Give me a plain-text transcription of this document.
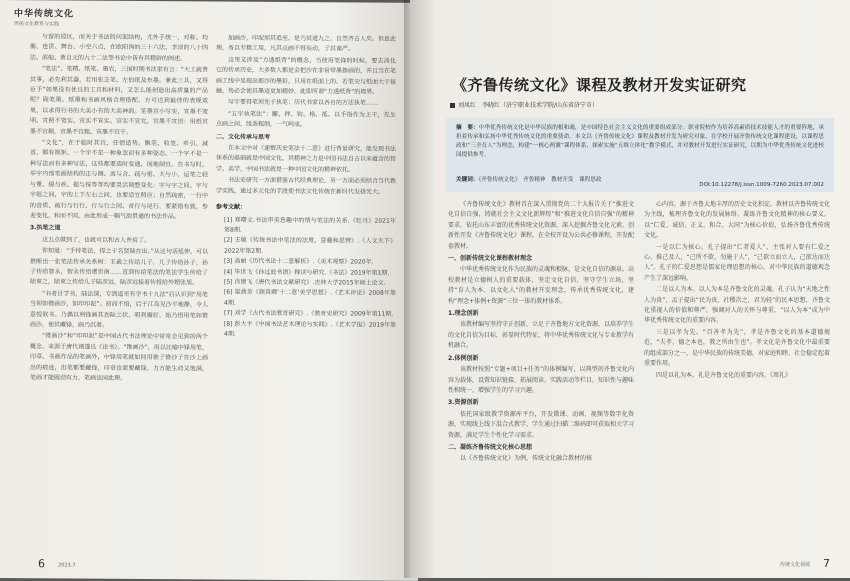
中华传统文化
传统文化教育与实践

与留的园区，而关于书法的问架结构，尤外手统一，对称、均衡、连贯、舞台、小空六点，在欧阳询的三十六法、李淳的八十四法、邵缩、黄自元的九十二法等书论中皆有其精辟的阐述。

“笔法”、笔精、纸笔、墨农，三国时期书法家有言：“大工就善其事，必先利其器，若用张芝笔、左伯纸及东墨，兼此三具，又得臣手”如果没有优良的工具和材料，又怎么能创造出高质量的产品呢？砚笔墨、纸墨和书画风格合理搭配，方可达到最佳的表现效果，以求得行书的大美小有的大美神韵。笔墨宣小写实，宣墨不宽明、宣照不宽实、宣实不宣实、宣实不宣完，宣墨不宣田：用纸宣墨不宜稠，宣墨不宜粗、宣墨不宜干。

“文化”，在于临时其宜，任情造势。飘笔、收笔、牵引、减省、都有规矩。一个字不是一种象忽而有多种姿态，一个字不是一种写法而有多种写法，这些都要适时变通、因地制宜。在书写时，举字内部笔画结构的正与侧、离与合、疏与密、大与小，运笔之轻与重、缓与疾、提与按等等均要灵活调整变化：字与字之间、字与字组之间，字的上下左右之间，也要适宜照应；自然疏密，一行中的音质、疏行与行行、行与行之间、首行与尾行，要紧错有致，参差变化，和而不同，由此形成一幅气韵贯通的书法作品。

3.执笔之道

这五点做到了，也就可以和古人并肩了。

你知道：“手持笔法，得之于名贤陆在出。”从这句话延伸，可以推断出一张笔法传承关系树：王羲之传给儿子，儿子传给孙子，孙子传给智永，智永传给虞世南……直到传给笔法的笔法学生传给了陆柬之，陆柬之传给儿子陆彦远，陆彦远接着传授给外甥张旭。

“书者目学书，陆法深，专到道至有学书十九法”后认识到“用笔当须如锥画沙，如印印泥”。初而不悟，后于江岛见沙平地静，令人意悦欲书。乃偶以利锋画其劲险之状，明利媚好，始乃悟用笔如锥画沙，使其藏锋，画乃沉着。

“锥画沙”和“印印泥”是中国古代书法理论中常常会见到的两个概念，来源于唐代褚遂良《论书》。“锥画沙”，用以比喻中锋用笔，印章、书画作品的笔画外，中锋用笔就如同用锥子锥沙子在沙上画出的痕迹，出笔都要藏锋，印章也需要藏锋，力方能生动又饱满，笔画才能圆劲有力，笔画也同此理。

加画沙，印泥须其追至，是乃其道九之，自然齐古人矣。但思此理，务以专精工用，凡其点画不得妄动，子其谨严。

这里又涉及“力透纸背”的概念，当使用笔锋的时候，要去淡化它的传承历史，大多数人都是会把沙在非常带墨掺画的，并且当在笔画工线中呈现出那沙的墨彩，只用在纸面上的。若笔尖与纸面大于接触，势必会使其墨迹更加精妙，此即所谓“力透纸背”的境界。

写字要得笔须先于执笔：历代书家以各自的方法执笔……

“五字执笔法”：擫、押、钩、格、抵。以手指作为主干，先生点画之间，线条粗细，一气呵成。

二、文化传承与思考

在本文中对《速察庆史笔法十二意》进行背景研究，能发现书法体系的基础就是中国文化，其精神之力是中国书法自古以来蕴含的哲学、美学，中国书法就是一种中国文化的精神依托。

书法史研究一方面借鉴古代经典理论，另一方面必须结合当代教学实践，通过多元化的手段使书法文化传统在新时代发扬光大。

参考文献：
[1] 郑曙文.书法审美意趣中的情与笔法的关系.《牡丹》2021年第8期.
[2] 王敏《传统书法中笔法的法度、意趣和思辨》.《人文天下》2022年第2期.
[3] 高丽《历代书论十二意解析》.《美术观察》2020年.
[4] 毕世飞《孙过庭书谱》释读与研究.《书法》2019年第1期.
[5] 肖建飞《唐代书法文献研究》.吉林大学2015年硕士论文.
[6] 梁燕芳《颜真卿‘十二意’美学思想》.《艺术评论》2008年第4期.
[7] 刘学《古代书法教育研究》.《教育史研究》2009年第11期.
[8] 彭大平《中国书法艺术理论与实践》.《艺术学报》2019年第4期.
6	2023.7
《齐鲁传统文化》课程及教材开发实证研究
刘凤红　李晓红（济宁职业技术学院/山东省济宁市）
摘　要：中华优秀传统文化是中华民族的根和魂，是中国特色社会主义文化的重要组成部分。职业院校作为培养高素质技术技能人才的重要阵地，承担着传承和弘扬中华优秀传统文化的重要使命。本文以《齐鲁传统文化》课程及教材开发为研究对象，在学校开展齐鲁传统文化课程建设，以课程思政和“三全育人”为理念，构建“一核心两翼”课程体系，探索实施“五维立体化”教学模式，并对教材开发进行实证研究，以期为中华优秀传统文化进校园提供参考。
关键词：《齐鲁传统文化》　齐鲁精神　教材开发　课程思政
DOI:10.12278/j.issn.1009-7260.2023.07.002

《齐鲁传统文化》教材首在深入贯彻党的二十大报告关于“推进文化自信自强，铸就社会主义文化新辉煌”和“推进文化自信自强”的精神要求，依托山东丰富的优秀传统文化资源，深入挖掘齐鲁文化元素，创新性开发《齐鲁传统文化》课程，在全校开设为公共必修课程，开发配套教材。

一、创新传统文化课程教材理念

中华优秀传统文化作为民族的灵魂和根脉，是文化自信的源泉。高校教材是立德树人的重要载体，坚定文化自信、坚守学生立场，坚持“育人为本、以文化人”的教材开发理念，传承优秀传统文化，建构“理念+体例+资源”三位一体的教材体系。

1.理念创新

该教材编写坚持守正创新，立足于齐鲁地方文化资源，以培养学生的文化自信为目标，彰显时代特征，将中华优秀传统文化与专业教学有机融合。

2.体例创新

该教材按照“专题+项目+任务”的体例编写，以典型的齐鲁文化内容为载体，设置知识链接、拓展阅读、实践活动等栏目，知识性与趣味性相统一，增强学生的学习兴趣。

3.资源创新

依托国家级教学资源库平台，开发微课、动画、视频等数字化资源，实现线上线下混合式教学，学生通过扫描二维码即可获取相关学习资源，满足学生个性化学习需求。

二、凝练齐鲁传统文化核心思想

以《齐鲁传统文化》为例，传统文化融合教材的核

心内容，源于齐鲁大地丰厚的历史文化积淀。教材以齐鲁传统文化为主线，梳理齐鲁文化的发展脉络，凝练齐鲁文化精神的核心要义，以“仁爱、诚信、正义、和合、大同”为核心价值，弘扬齐鲁优秀传统文化。

一是以仁为核心。孔子提出“仁者爱人”，主张对人要有仁爱之心，推己及人，“己所不欲，勿施于人”，“己欲立而立人，己欲达而达人”。孔子的仁爱思想是儒家伦理思想的核心，对中华民族的道德观念产生了深远影响。

二是以人为本。以人为本是齐鲁文化的灵魂。孔子认为“天地之性人为贵”，孟子提出“民为贵，社稷次之，君为轻”的民本思想，齐鲁文化重视人的价值和尊严，强调对人的关怀与尊重，“以人为本”成为中华优秀传统文化的重要内容。

三是以孝为先。“百善孝为先”，孝是齐鲁文化的基本道德规范，“夫孝，德之本也，教之所由生也”。孝文化是齐鲁文化中最重要的组成部分之一，是中华民族的传统美德，对家庭和睦、社会稳定起着重要作用。

四是以礼为本。礼是齐鲁文化的重要内容，《周礼》

传统文化视域 7
